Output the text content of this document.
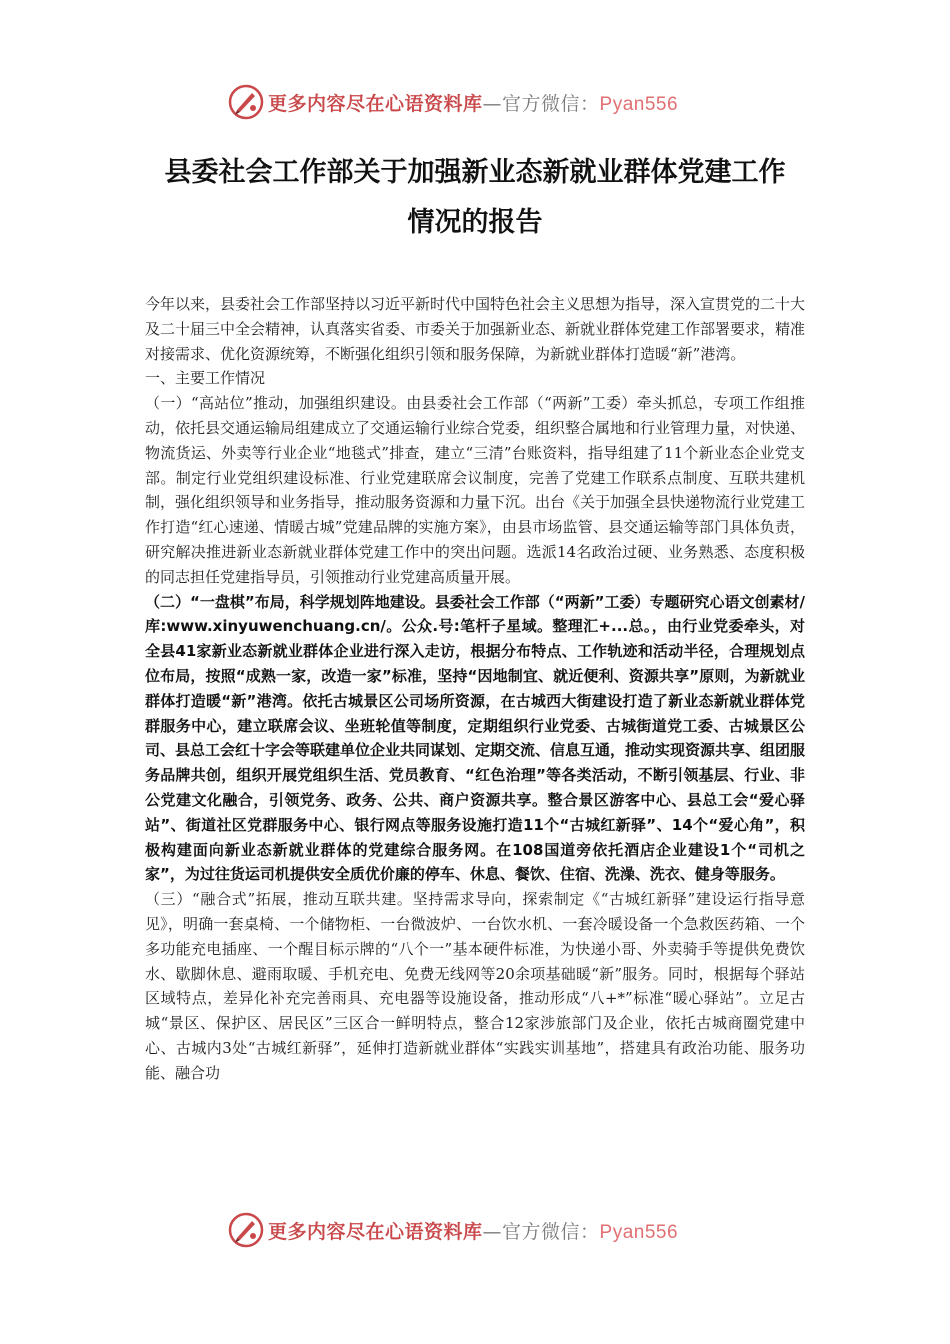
更多内容尽在心语资料库—官方微信：Pyan556
县委社会工作部关于加强新业态新就业群体党建工作
情况的报告

今年以来，县委社会工作部坚持以习近平新时代中国特色社会主义思想为指导，深入宣贯党的二十大及二十届三中全会精神，认真落实省委、市委关于加强新业态、新就业群体党建工作部署要求，精准对接需求、优化资源统筹，不断强化组织引领和服务保障，为新就业群体打造暖“新”港湾。

一、主要工作情况

（一）“高站位”推动，加强组织建设。由县委社会工作部（“两新”工委）牵头抓总，专项工作组推动，依托县交通运输局组建成立了交通运输行业综合党委，组织整合属地和行业管理力量，对快递、物流货运、外卖等行业企业“地毯式”排查，建立“三清”台账资料，指导组建了11个新业态企业党支部。制定行业党组织建设标准、行业党建联席会议制度，完善了党建工作联系点制度、互联共建机制，强化组织领导和业务指导，推动服务资源和力量下沉。出台《关于加强全县快递物流行业党建工作打造“红心速递、情暖古城”党建品牌的实施方案》，由县市场监管、县交通运输等部门具体负责，研究解决推进新业态新就业群体党建工作中的突出问题。选派14名政治过硬、业务熟悉、态度积极的同志担任党建指导员，引领推动行业党建高质量开展。

（二）“一盘棋”布局，科学规划阵地建设。县委社会工作部（“两新”工委）专题研究心语文创素材/库:www.xinyuwenchuang.cn/。公众.号:笔杆子星域。整理汇+...总。，由行业党委牵头，对全县41家新业态新就业群体企业进行深入走访，根据分布特点、工作轨迹和活动半径，合理规划点位布局，按照“成熟一家，改造一家”标准，坚持“因地制宜、就近便利、资源共享”原则，为新就业群体打造暖“新”港湾。依托古城景区公司场所资源，在古城西大街建设打造了新业态新就业群体党群服务中心，建立联席会议、坐班轮值等制度，定期组织行业党委、古城街道党工委、古城景区公司、县总工会红十字会等联建单位企业共同谋划、定期交流、信息互通，推动实现资源共享、组团服务品牌共创，组织开展党组织生活、党员教育、“红色治理”等各类活动，不断引领基层、行业、非公党建文化融合，引领党务、政务、公共、商户资源共享。整合景区游客中心、县总工会“爱心驿站”、街道社区党群服务中心、银行网点等服务设施打造11个“古城红新驿”、14个“爱心角”，积极构建面向新业态新就业群体的党建综合服务网。在108国道旁依托酒店企业建设1个“司机之家”，为过往货运司机提供安全质优价廉的停车、休息、餐饮、住宿、洗澡、洗衣、健身等服务。

（三）“融合式”拓展，推动互联共建。坚持需求导向，探索制定《“古城红新驿”建设运行指导意见》，明确一套桌椅、一个储物柜、一台微波炉、一台饮水机、一套冷暖设备一个急救医药箱、一个多功能充电插座、一个醒目标示牌的“八个一”基本硬件标准，为快递小哥、外卖骑手等提供免费饮水、歇脚休息、避雨取暖、手机充电、免费无线网等20余项基础暖“新”服务。同时，根据每个驿站区域特点，差异化补充完善雨具、充电器等设施设备，推动形成“八+*”标准“暖心驿站”。立足古城“景区、保护区、居民区”三区合一鲜明特点，整合12家涉旅部门及企业，依托古城商圈党建中心、古城内3处“古城红新驿”，延伸打造新就业群体“实践实训基地”，搭建具有政治功能、服务功能、融合功

更多内容尽在心语资料库—官方微信：Pyan556
